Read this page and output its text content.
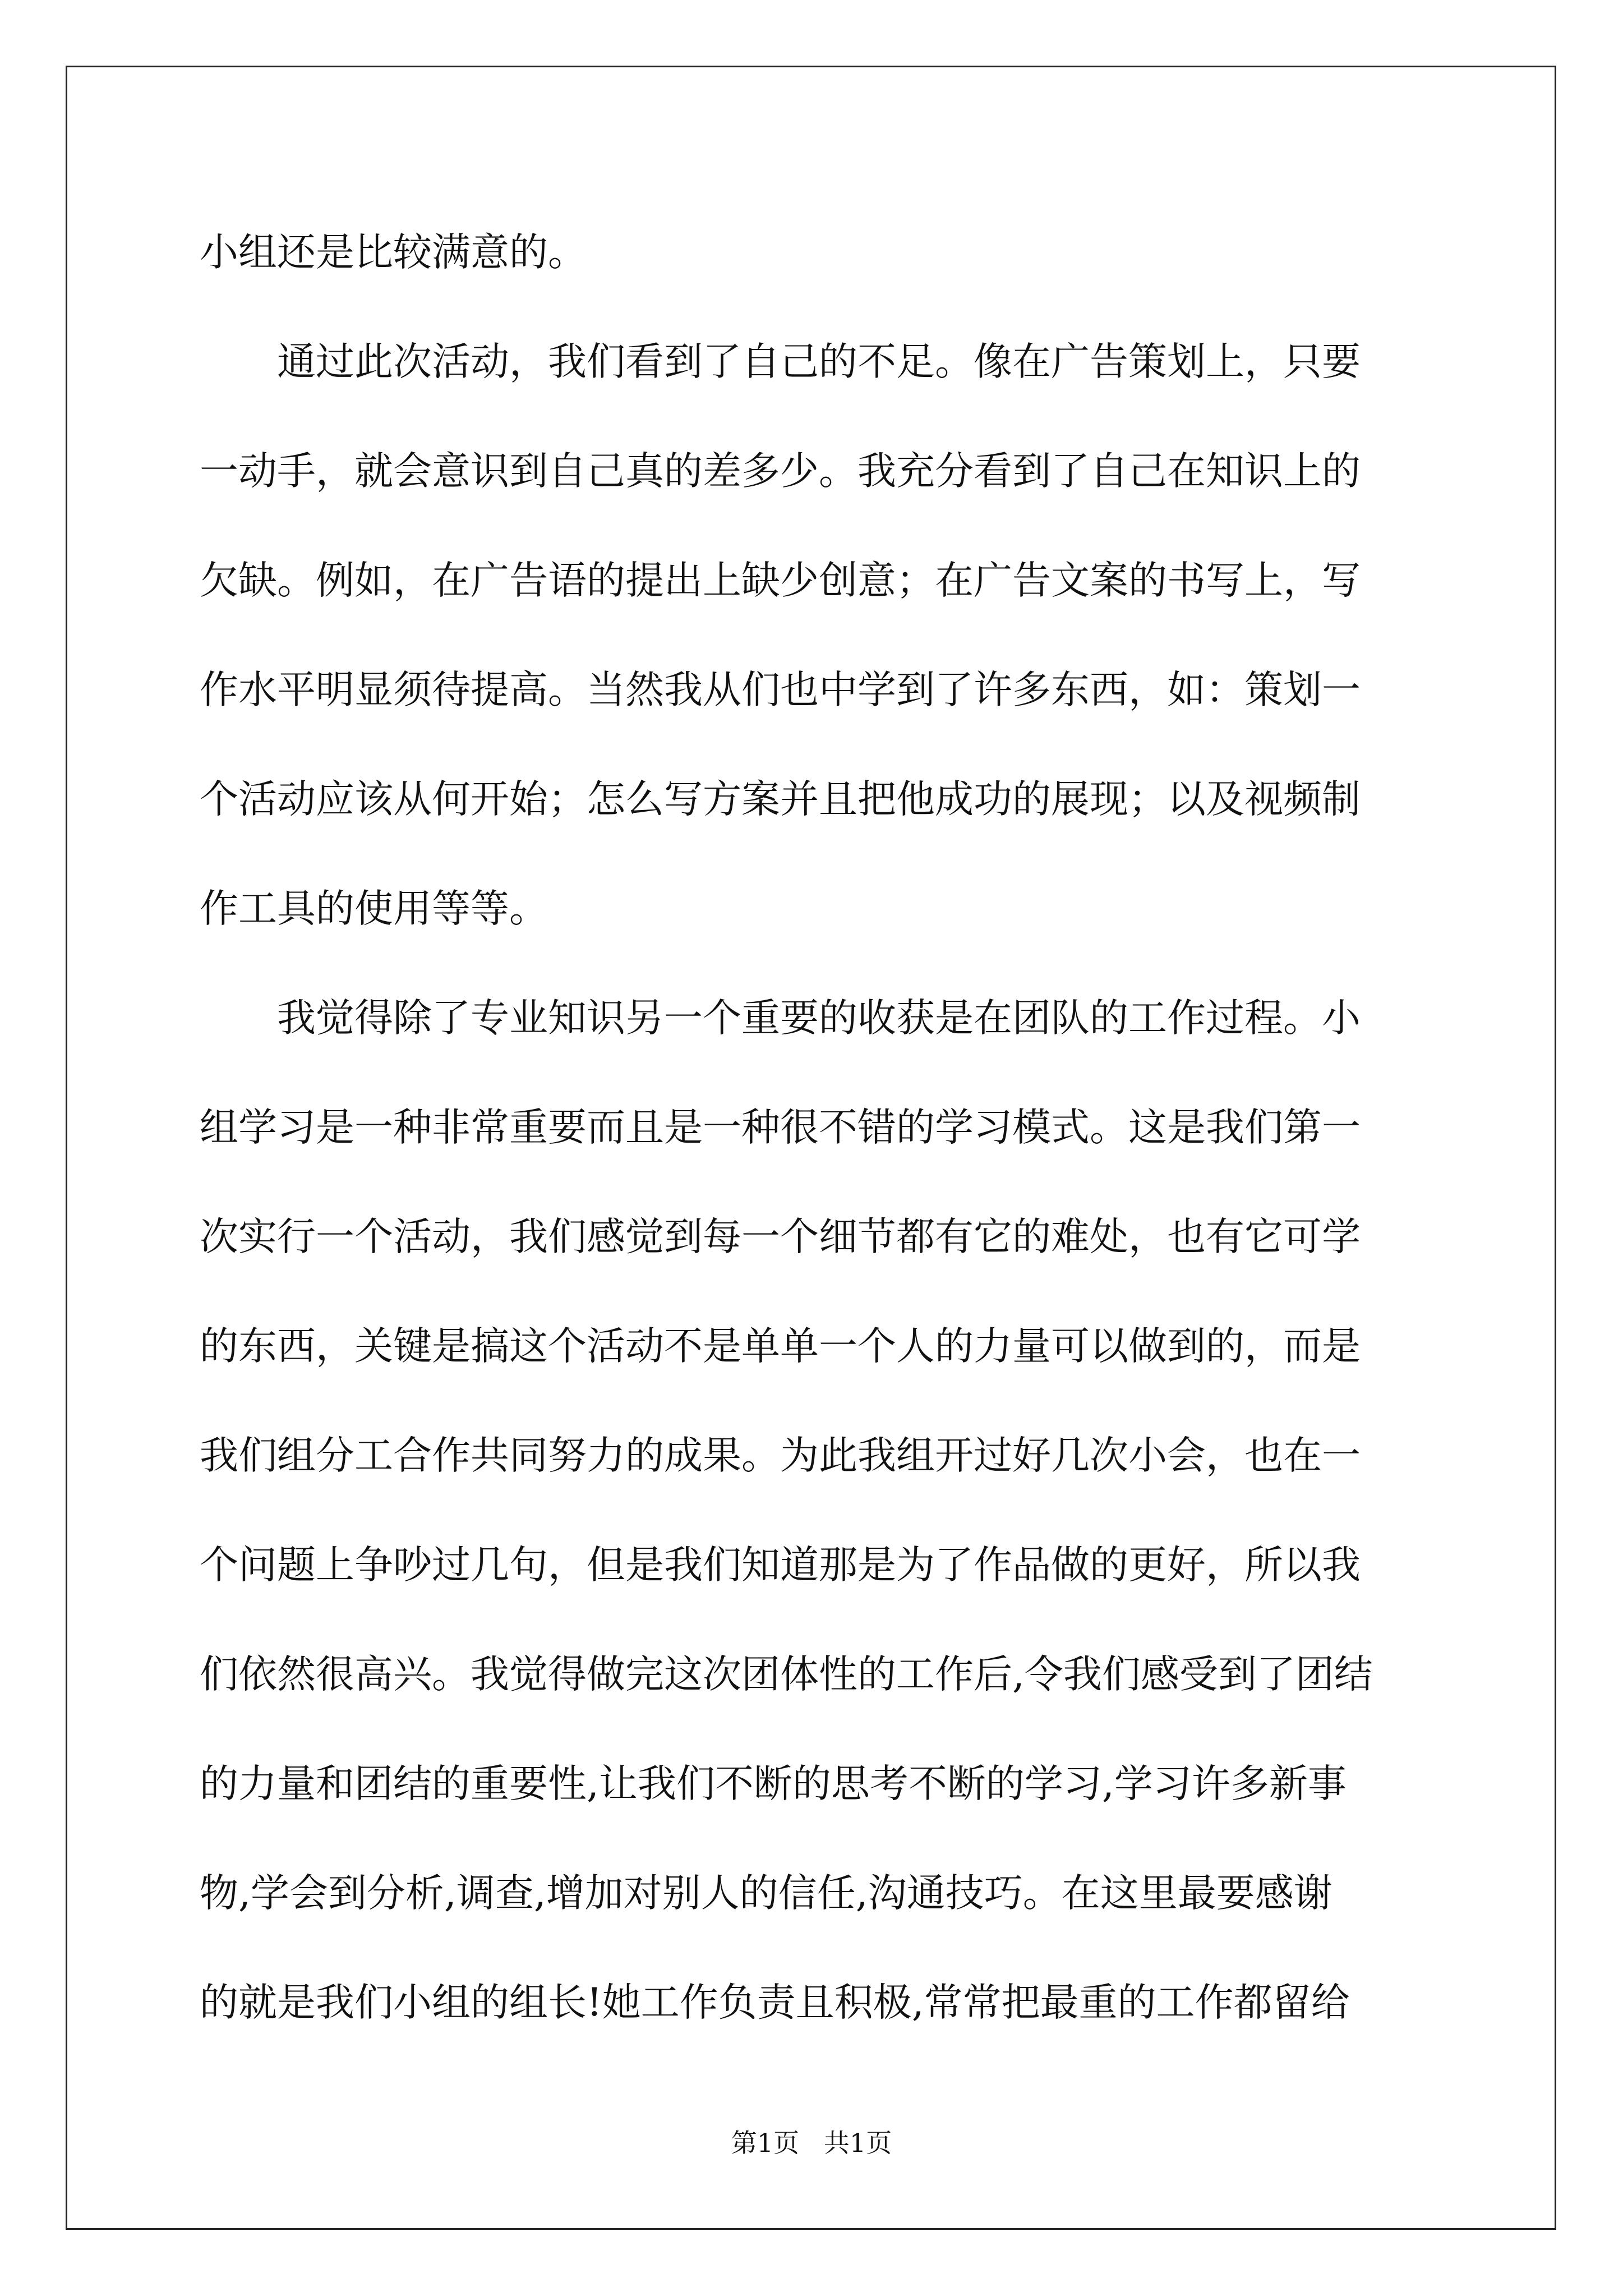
小组还是比较满意的。
　　通过此次活动，我们看到了自己的不足。像在广告策划上，只要
一动手，就会意识到自己真的差多少。我充分看到了自己在知识上的
欠缺。例如，在广告语的提出上缺少创意；在广告文案的书写上，写
作水平明显须待提高。当然我从们也中学到了许多东西，如：策划一
个活动应该从何开始；怎么写方案并且把他成功的展现；以及视频制
作工具的使用等等。
　　我觉得除了专业知识另一个重要的收获是在团队的工作过程。小
组学习是一种非常重要而且是一种很不错的学习模式。这是我们第一
次实行一个活动，我们感觉到每一个细节都有它的难处，也有它可学
的东西，关键是搞这个活动不是单单一个人的力量可以做到的，而是
我们组分工合作共同努力的成果。为此我组开过好几次小会，也在一
个问题上争吵过几句，但是我们知道那是为了作品做的更好，所以我
们依然很高兴。我觉得做完这次团体性的工作后,令我们感受到了团结
的力量和团结的重要性,让我们不断的思考不断的学习,学习许多新事
物,学会到分析,调查,增加对别人的信任,沟通技巧。在这里最要感谢
的就是我们小组的组长!她工作负责且积极,常常把最重的工作都留给
第1页   共1页
